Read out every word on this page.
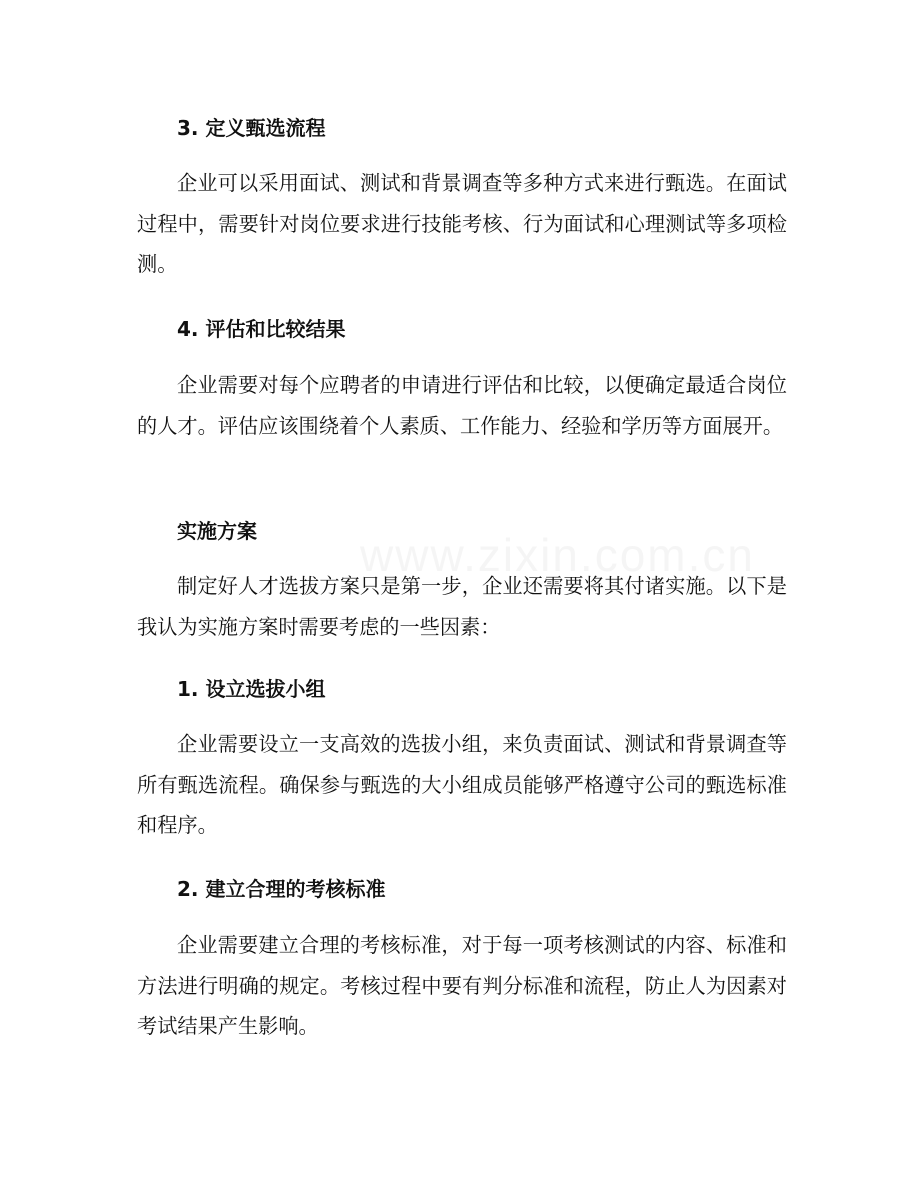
www.zixin.com.cn
3. 定义甄选流程
企业可以采用面试、测试和背景调查等多种方式来进行甄选。在面试过程中，需要针对岗位要求进行技能考核、行为面试和心理测试等多项检测。
4. 评估和比较结果
企业需要对每个应聘者的申请进行评估和比较，以便确定最适合岗位的人才。评估应该围绕着个人素质、工作能力、经验和学历等方面展开。
实施方案
制定好人才选拔方案只是第一步，企业还需要将其付诸实施。以下是我认为实施方案时需要考虑的一些因素：
1. 设立选拔小组
企业需要设立一支高效的选拔小组，来负责面试、测试和背景调查等所有甄选流程。确保参与甄选的大小组成员能够严格遵守公司的甄选标准和程序。
2. 建立合理的考核标准
企业需要建立合理的考核标准，对于每一项考核测试的内容、标准和方法进行明确的规定。考核过程中要有判分标准和流程，防止人为因素对考试结果产生影响。
